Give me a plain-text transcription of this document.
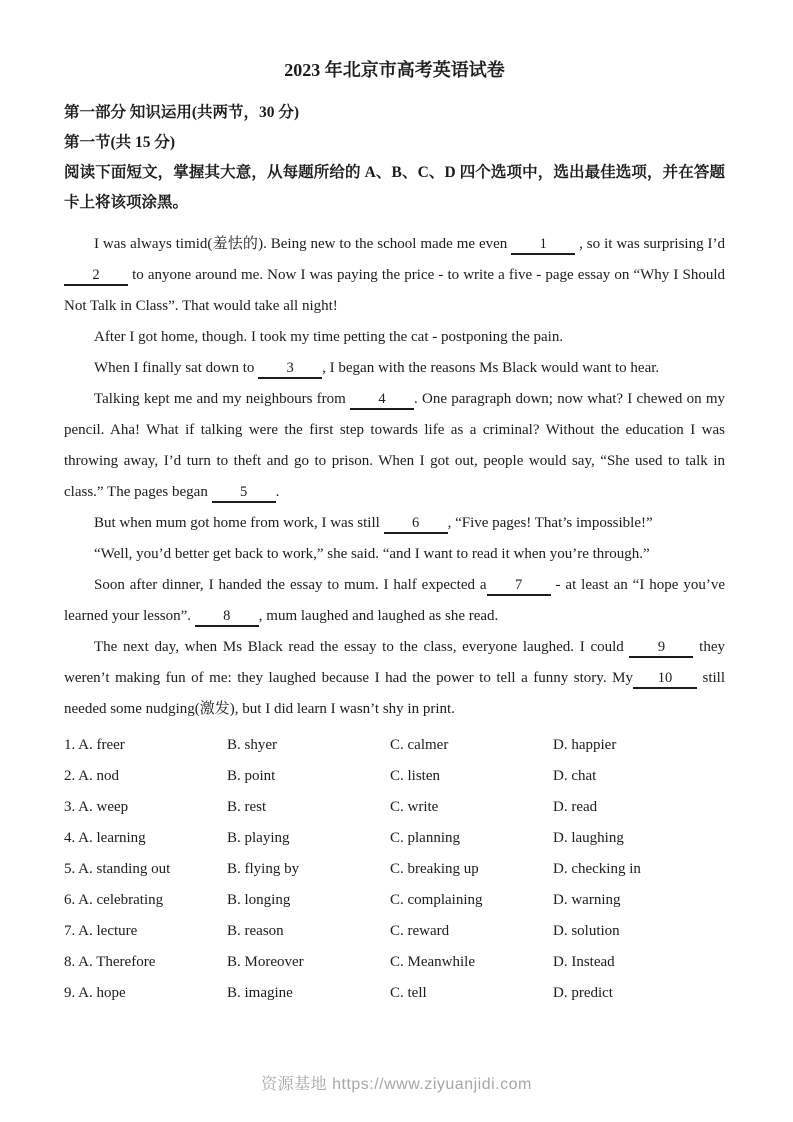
2023 年北京市高考英语试卷

第一部分 知识运用(共两节，30 分)

第一节(共 15 分)

阅读下面短文，掌握其大意，从每题所给的 A、B、C、D 四个选项中，选出最佳选项，并在答题卡上将该项涂黑。

I was always timid(羞怯的). Being new to the school made me even 1 , so it was surprising I’d 2 to anyone around me. Now I was paying the price - to write a five - page essay on “Why I Should Not Talk in Class”. That would take all night!

After I got home, though. I took my time petting the cat - postponing the pain.

When I finally sat down to 3 , I began with the reasons Ms Black would want to hear.

Talking kept me and my neighbours from 4 . One paragraph down; now what? I chewed on my pencil. Aha! What if talking were the first step towards life as a criminal? Without the education I was throwing away, I’d turn to theft and go to prison. When I got out, people would say, “She used to talk in class.” The pages began 5 .

But when mum got home from work, I was still 6 , “Five pages! That’s impossible!”

“Well, you’d better get back to work,” she said. “and I want to read it when you’re through.”

Soon after dinner, I handed the essay to mum. I half expected a 7 - at least an “I hope you’ve learned your lesson”. 8 , mum laughed and laughed as she read.

The next day, when Ms Black read the essay to the class, everyone laughed. I could 9 they weren’t making fun of me: they laughed because I had the power to tell a funny story. My 10 still needed some nudging(激发), but I did learn I wasn’t shy in print.

1. A. freer	B. shyer	C. calmer	D. happier
2. A. nod	B. point	C. listen	D. chat
3. A. weep	B. rest	C. write	D. read
4. A. learning	B. playing	C. planning	D. laughing
5. A. standing out	B. flying by	C. breaking up	D. checking in
6. A. celebrating	B. longing	C. complaining	D. warning
7. A. lecture	B. reason	C. reward	D. solution
8. A. Therefore	B. Moreover	C. Meanwhile	D. Instead
9. A. hope	B. imagine	C. tell	D. predict
资源基地 https://www.ziyuanjidi.com
